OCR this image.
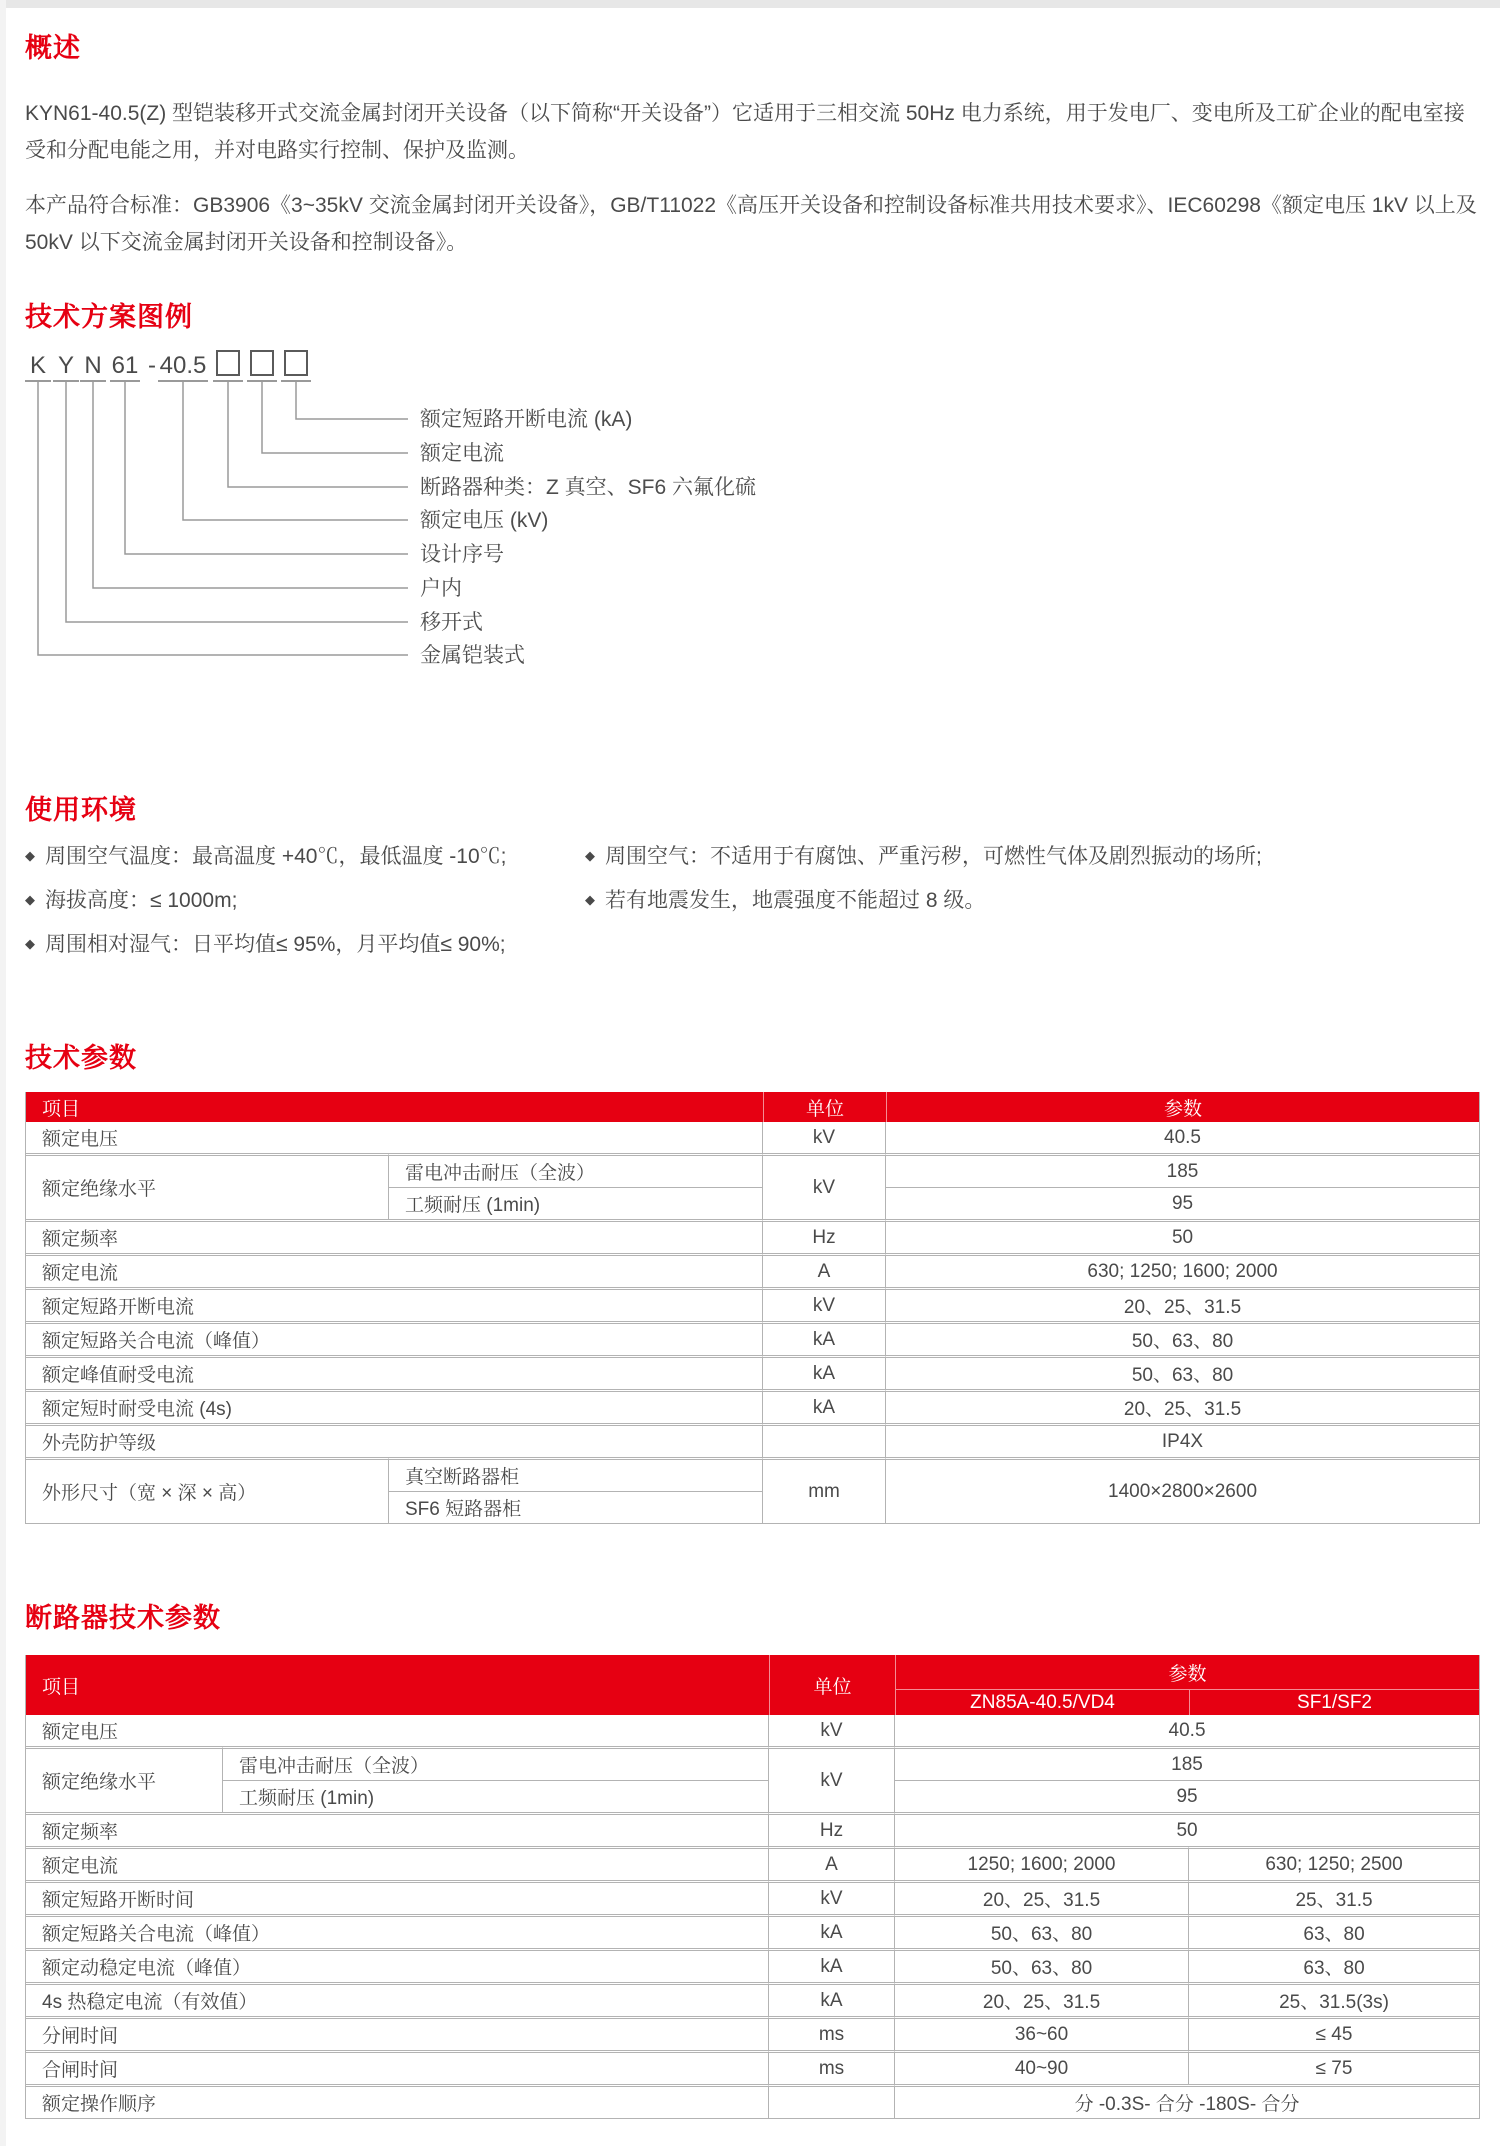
概述

KYN61-40.5(Z) 型铠装移开式交流金属封闭开关设备（以下简称“开关设备”）它适用于三相交流 50Hz 电力系统，用于发电厂、变电所及工矿企业的配电室接受和分配电能之用，并对电路实行控制、保护及监测。

本产品符合标准：GB3906《3~35kV 交流金属封闭开关设备》，GB/T11022《高压开关设备和控制设备标准共用技术要求》、IEC60298《额定电压 1kV 以上及 50kV 以下交流金属封闭开关设备和控制设备》。

技术方案图例
K Y N 61 - 40.5
额定短路开断电流 (kA)
额定电流
断路器种类：Z 真空、SF6 六氟化硫
额定电压 (kV)
设计序号
户内
移开式
金属铠装式
使用环境
◆ 周围空气温度：最高温度 +40℃，最低温度 -10℃;
◆ 海拔高度：≤ 1000m;
◆ 周围相对湿气：日平均值≤ 95%，月平均值≤ 90%;
◆ 周围空气：不适用于有腐蚀、严重污秽，可燃性气体及剧烈振动的场所;
◆ 若有地震发生，地震强度不能超过 8 级。
技术参数
项目		单位	参数
额定电压		kV	40.5
额定绝缘水平	雷电冲击耐压（全波）	kV	185
	工频耐压 (1min)		95
额定频率		Hz	50
额定电流		A	630; 1250; 1600; 2000
额定短路开断电流		kV	20、25、31.5
额定短路关合电流（峰值）		kA	50、63、80
额定峰值耐受电流		kA	50、63、80
额定短时耐受电流 (4s)		kA	20、25、31.5
外壳防护等级			IP4X
外形尺寸（宽 × 深 × 高）	真空断路器柜	mm	1400×2800×2600
	SF6 短路器柜		
断路器技术参数
项目		单位	参数	
			ZN85A-40.5/VD4	SF1/SF2
额定电压		kV	40.5	
额定绝缘水平	雷电冲击耐压（全波）	kV	185	
	工频耐压 (1min)		95	
额定频率		Hz	50	
额定电流		A	1250; 1600; 2000	630; 1250; 2500
额定短路开断时间		kV	20、25、31.5	25、31.5
额定短路关合电流（峰值）		kA	50、63、80	63、80
额定动稳定电流（峰值）		kA	50、63、80	63、80
4s 热稳定电流（有效值）		kA	20、25、31.5	25、31.5(3s)
分闸时间		ms	36~60	≤ 45
合闸时间		ms	40~90	≤ 75
额定操作顺序			分 -0.3S- 合分 -180S- 合分	
